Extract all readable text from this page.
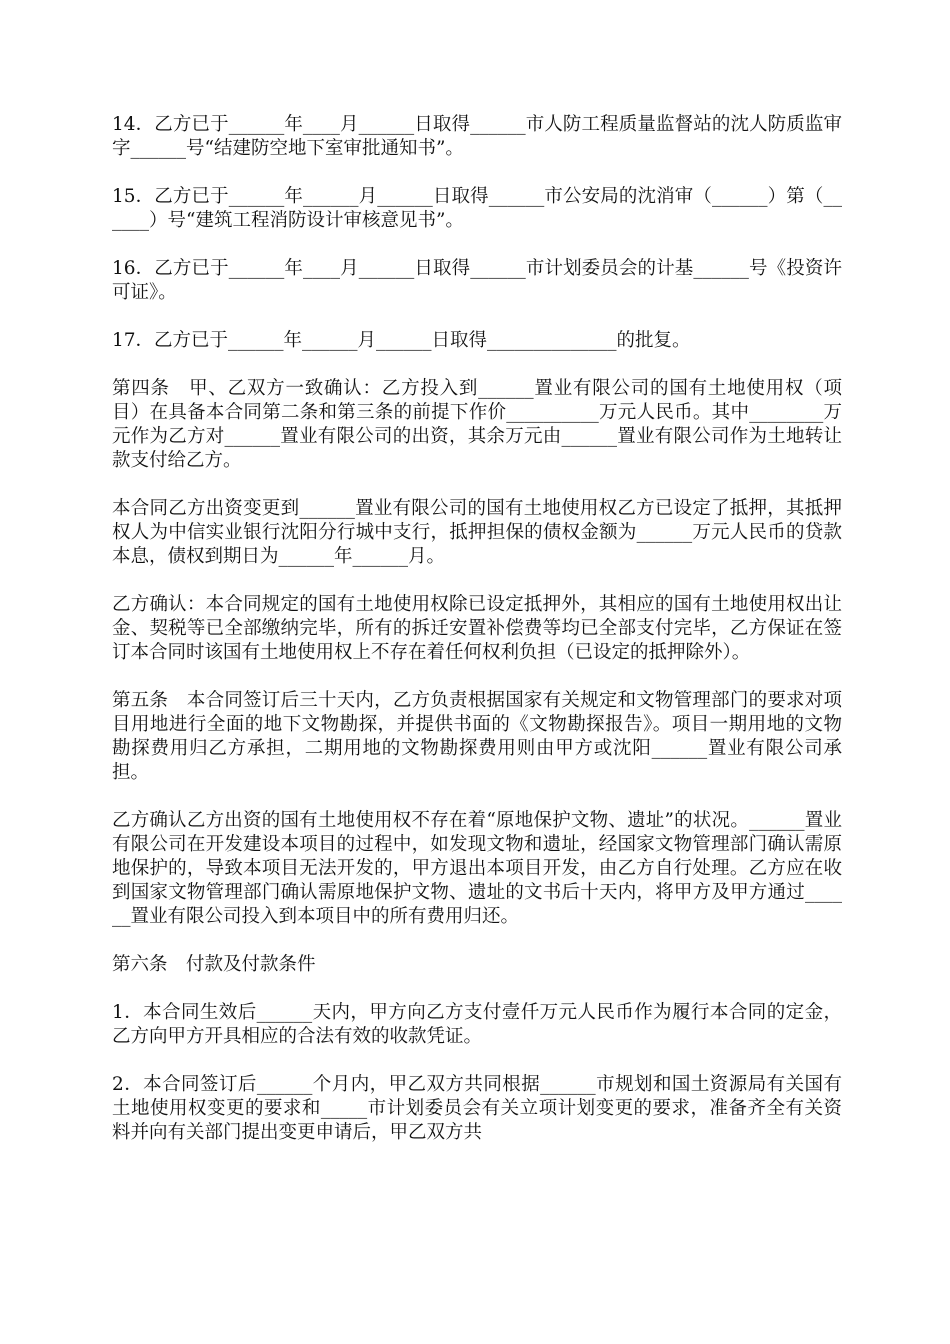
14．乙方已于______年____月______日取得______市人防工程质量监督站的沈人防质监审字______号“结建防空地下室审批通知书”。

15．乙方已于______年______月______日取得______市公安局的沈消审（______）第（______）号“建筑工程消防设计审核意见书”。

16．乙方已于______年____月______日取得______市计划委员会的计基______号《投资许可证》。

17．乙方已于______年______月______日取得______________的批复。

第四条　甲、乙双方一致确认：乙方投入到______置业有限公司的国有土地使用权（项目）在具备本合同第二条和第三条的前提下作价__________万元人民币。其中________万元作为乙方对______置业有限公司的出资，其余万元由______置业有限公司作为土地转让款支付给乙方。

本合同乙方出资变更到______置业有限公司的国有土地使用权乙方已设定了抵押，其抵押权人为中信实业银行沈阳分行城中支行，抵押担保的债权金额为______万元人民币的贷款本息，债权到期日为______年______月。

乙方确认：本合同规定的国有土地使用权除已设定抵押外，其相应的国有土地使用权出让金、契税等已全部缴纳完毕，所有的拆迁安置补偿费等均已全部支付完毕，乙方保证在签订本合同时该国有土地使用权上不存在着任何权利负担（已设定的抵押除外）。

第五条　本合同签订后三十天内，乙方负责根据国家有关规定和文物管理部门的要求对项目用地进行全面的地下文物勘探，并提供书面的《文物勘探报告》。项目一期用地的文物勘探费用归乙方承担，二期用地的文物勘探费用则由甲方或沈阳______置业有限公司承担。

乙方确认乙方出资的国有土地使用权不存在着“原地保护文物、遗址”的状况。______置业有限公司在开发建设本项目的过程中，如发现文物和遗址，经国家文物管理部门确认需原地保护的，导致本项目无法开发的，甲方退出本项目开发，由乙方自行处理。乙方应在收到国家文物管理部门确认需原地保护文物、遗址的文书后十天内，将甲方及甲方通过______置业有限公司投入到本项目中的所有费用归还。

第六条　付款及付款条件

1．本合同生效后______天内，甲方向乙方支付壹仟万元人民币作为履行本合同的定金，乙方向甲方开具相应的合法有效的收款凭证。

2．本合同签订后______个月内，甲乙双方共同根据______市规划和国土资源局有关国有土地使用权变更的要求和_____市计划委员会有关立项计划变更的要求，准备齐全有关资料并向有关部门提出变更申请后，甲乙双方共
